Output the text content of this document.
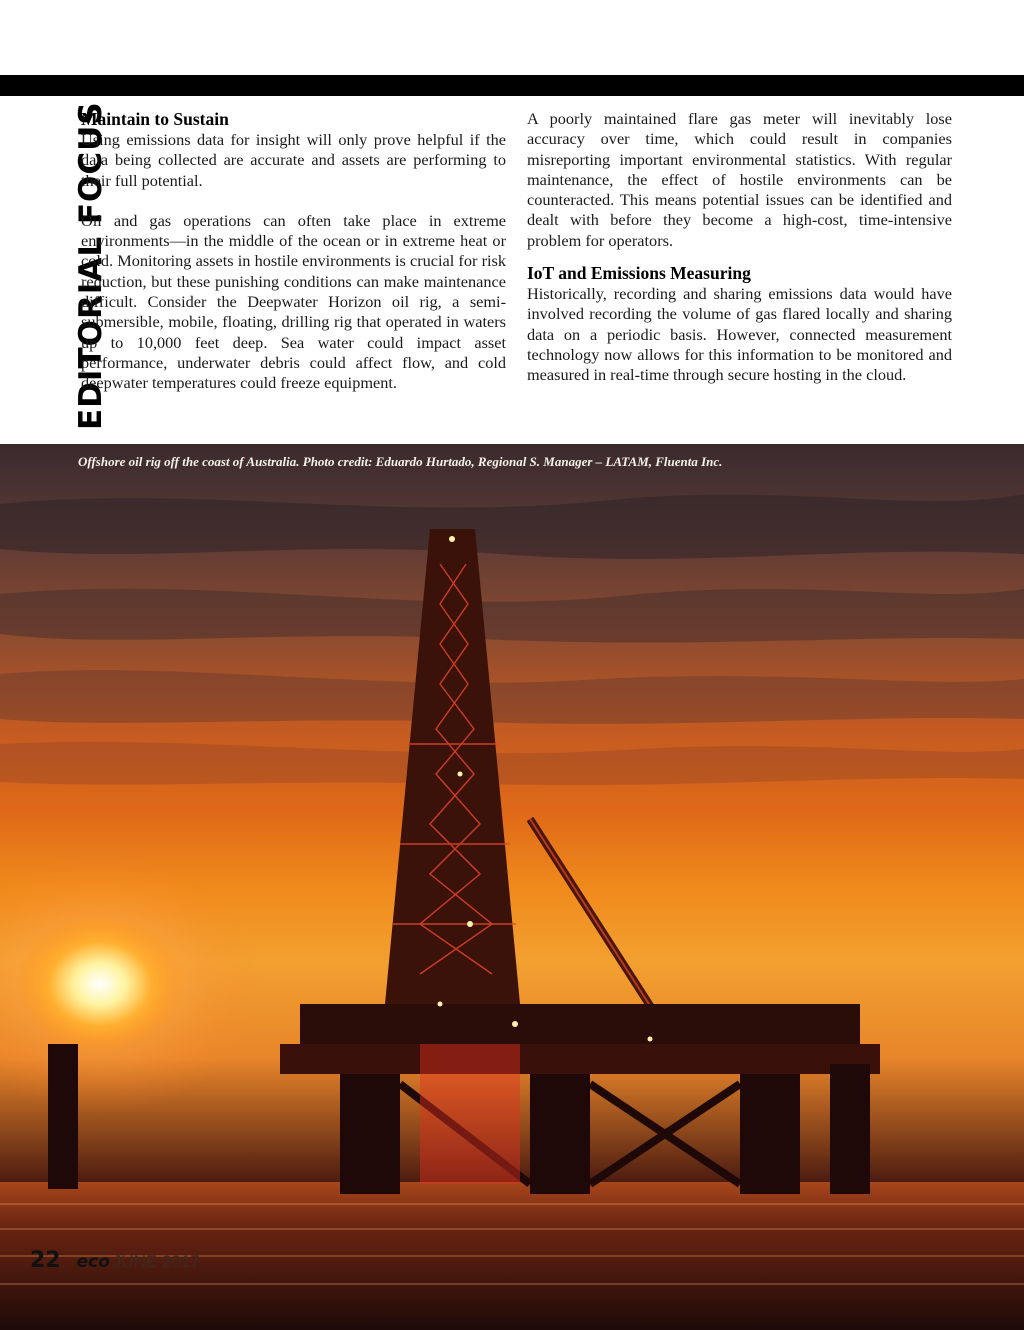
EDITORIAL FOCUS
Maintain to Sustain

Using emissions data for insight will only prove helpful if the data being collected are accurate and assets are performing to their full potential.

Oil and gas operations can often take place in extreme environments—in the middle of the ocean or in extreme heat or cold. Monitoring assets in hostile environments is crucial for risk reduction, but these punishing conditions can make maintenance difficult. Consider the Deepwater Horizon oil rig, a semi-submersible, mobile, floating, drilling rig that operated in waters up to 10,000 feet deep. Sea water could impact asset performance, underwater debris could affect flow, and cold deepwater temperatures could freeze equipment.

A poorly maintained flare gas meter will inevitably lose accuracy over time, which could result in companies misreporting important environmental statistics. With regular maintenance, the effect of hostile environments can be counteracted. This means potential issues can be identified and dealt with before they become a high-cost, time-intensive problem for operators.

IoT and Emissions Measuring

Historically, recording and sharing emissions data would have involved recording the volume of gas flared locally and sharing data on a periodic basis. However, connected measurement technology now allows for this information to be monitored and measured in real-time through secure hosting in the cloud.

Offshore oil rig off the coast of Australia. Photo credit: Eduardo Hurtado, Regional S. Manager – LATAM, Fluenta Inc.
22 eco JUNE 2017
